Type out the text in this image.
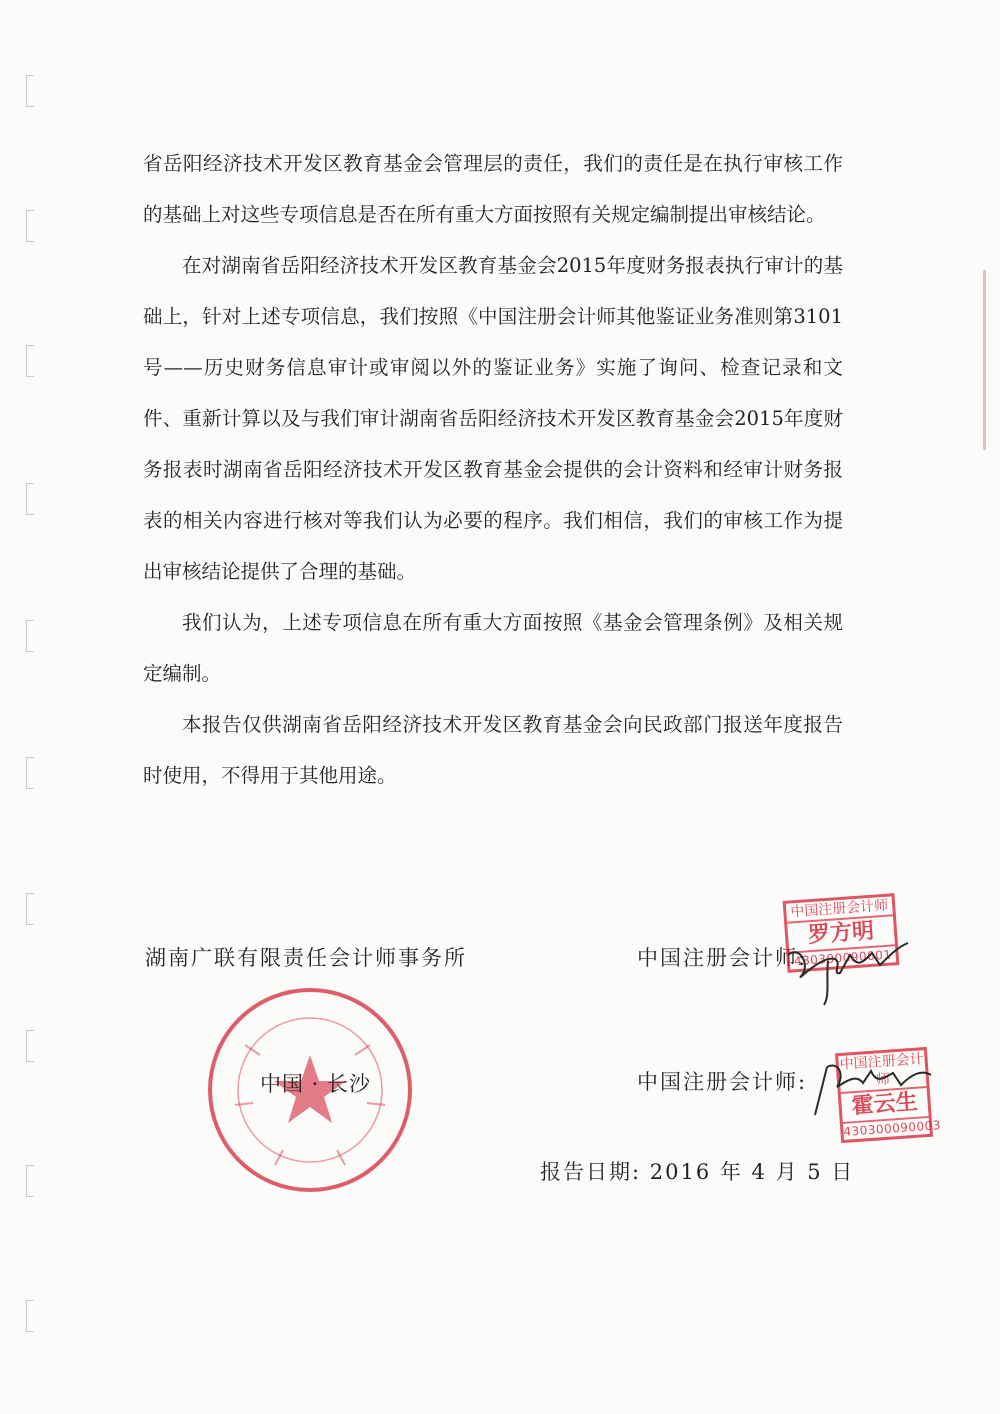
省岳阳经济技术开发区教育基金会管理层的责任，我们的责任是在执行审核工作的基础上对这些专项信息是否在所有重大方面按照有关规定编制提出审核结论。

在对湖南省岳阳经济技术开发区教育基金会2015年度财务报表执行审计的基础上，针对上述专项信息，我们按照《中国注册会计师其他鉴证业务准则第3101 号——历史财务信息审计或审阅以外的鉴证业务》实施了询问、检查记录和文件、重新计算以及与我们审计湖南省岳阳经济技术开发区教育基金会2015年度财务报表时湖南省岳阳经济技术开发区教育基金会提供的会计资料和经审计财务报表的相关内容进行核对等我们认为必要的程序。我们相信，我们的审核工作为提出审核结论提供了合理的基础。

我们认为，上述专项信息在所有重大方面按照《基金会管理条例》及相关规定编制。

本报告仅供湖南省岳阳经济技术开发区教育基金会向民政部门报送年度报告时使用，不得用于其他用途。

湖南广联有限责任会计师事务所
中国 · 长沙
中国注册会计师:
中国注册会计师
罗方明
430300090001
中国注册会计师:
中国注册会计师
霍云生
430300090003
报告日期: 2016 年 4 月 5 日
